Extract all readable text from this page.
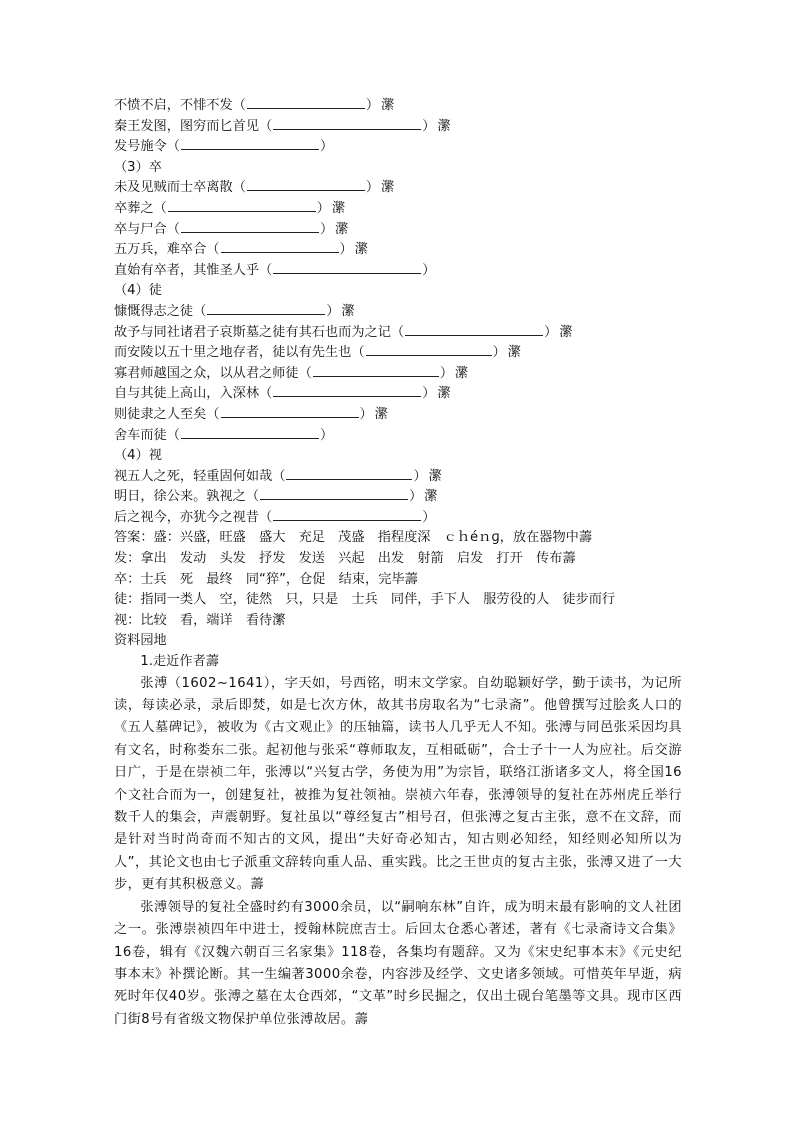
不愤不启，不悱不发（	） 瀿
秦王发图，图穷而匕首见（	） 瀿
发号施令（	）
（3）卒
未及见贼而士卒离散（	） 瀿
卒葬之（	） 瀿
卒与尸合（	） 瀿
五万兵，难卒合（	） 瀿
直始有卒者，其惟圣人乎（	）
（4）徒
慷慨得志之徒（	） 瀿
故予与同社诸君子哀斯墓之徒有其石也而为之记（	） 瀿
而安陵以五十里之地存者，徒以有先生也（	） 瀿
寡君师越国之众，以从君之师徒（	） 瀿
自与其徒上高山，入深林（	） 瀿
则徒隶之人至矣（	） 瀿
舍车而徒（	）
（4）视
视五人之死，轻重固何如哉（	） 瀿
明日，徐公来。孰视之（	） 瀿
后之视今，亦犹今之视昔（	）
答案：盛：兴盛，旺盛　盛大　充足　茂盛　指程度深　ｃｈéｎɡ，放在器物中薵
发：拿出　发动　头发　抒发　发送　兴起　出发　射箭　启发　打开　传布薵
卒：士兵　死　最终　同“猝”，仓促　结束，完毕薵
徒：指同一类人　空，徒然　只，只是　士兵　同伴，手下人　服劳役的人　徒步而行
视：比较　看，端详　看待瀿
资料园地
1.走近作者薵

张溥（1602~1641），字天如，号西铭，明末文学家。自幼聪颖好学，勤于读书，为记所读，每读必录，录后即焚，如是七次方休，故其书房取名为“七录斋”。他曾撰写过脍炙人口的《五人墓碑记》，被收为《古文观止》的压轴篇，读书人几乎无人不知。张溥与同邑张采因均具有文名，时称娄东二张。起初他与张采“尊师取友，互相砥砺”，合士子十一人为应社。后交游日广，于是在崇祯二年，张溥以“兴复古学，务使为用”为宗旨，联络江浙诸多文人，将全国16个文社合而为一，创建复社，被推为复社领袖。崇祯六年春，张溥领导的复社在苏州虎丘举行数千人的集会，声震朝野。复社虽以“尊经复古”相号召，但张溥之复古主张，意不在文辞，而是针对当时尚奇而不知古的文风，提出“夫好奇必知古，知古则必知经，知经则必知所以为人”，其论文也由七子派重文辞转向重人品、重实践。比之王世贞的复古主张，张溥又进了一大步，更有其积极意义。薵

张溥领导的复社全盛时约有3000余员，以“嗣响东林”自许，成为明末最有影响的文人社团之一。张溥崇祯四年中进士，授翰林院庶吉士。后回太仓悉心著述，著有《七录斋诗文合集》16卷，辑有《汉魏六朝百三名家集》118卷，各集均有题辞。又为《宋史纪事本末》《元史纪事本末》补撰论断。其一生编著3000余卷，内容涉及经学、文史诸多领域。可惜英年早逝，病死时年仅40岁。张溥之墓在太仓西郊，“文革”时乡民掘之，仅出土砚台笔墨等文具。现市区西门街8号有省级文物保护单位张溥故居。薵
